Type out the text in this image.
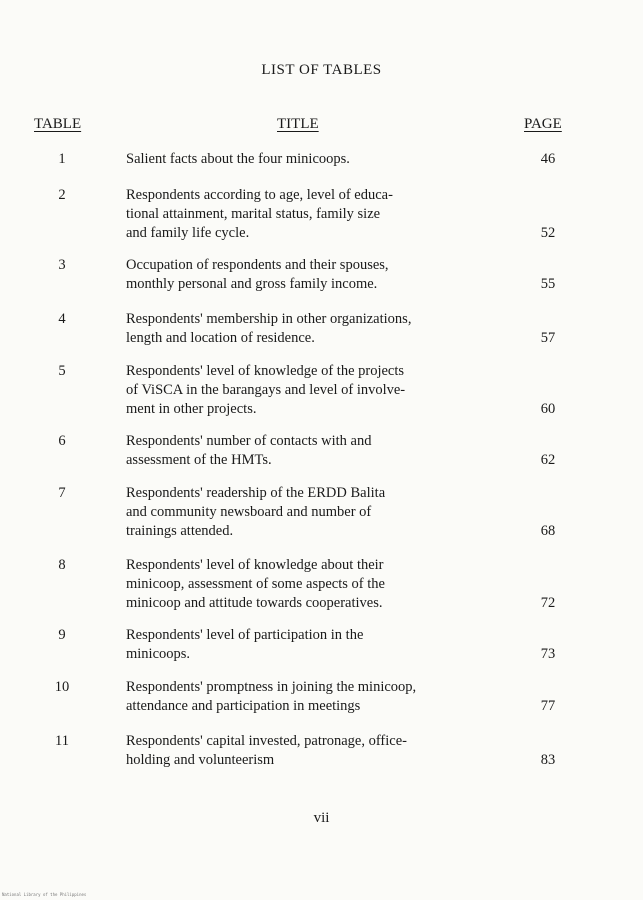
LIST OF TABLES
TABLE	TITLE	PAGE
1	Salient facts about the four minicoops.	46
2	Respondents according to age, level of educa-
tional attainment, marital status, family size
and family life cycle.	52
3	Occupation of respondents and their spouses,
monthly personal and gross family income.	55
4	Respondents' membership in other organizations,
length and location of residence.	57
5	Respondents' level of knowledge of the projects
of ViSCA in the barangays and level of involve-
ment in other projects.	60
6	Respondents' number of contacts with and
assessment of the HMTs.	62
7	Respondents' readership of the ERDD Balita
and community newsboard and number of
trainings attended.	68
8	Respondents' level of knowledge about their
minicoop, assessment of some aspects of the
minicoop and attitude towards cooperatives.	72
9	Respondents' level of participation in the
minicoops.	73
10	Respondents' promptness in joining the minicoop,
attendance and participation in meetings	77
11	Respondents' capital invested, patronage, office-
holding and volunteerism	83
vii
National Library of the Philippines
